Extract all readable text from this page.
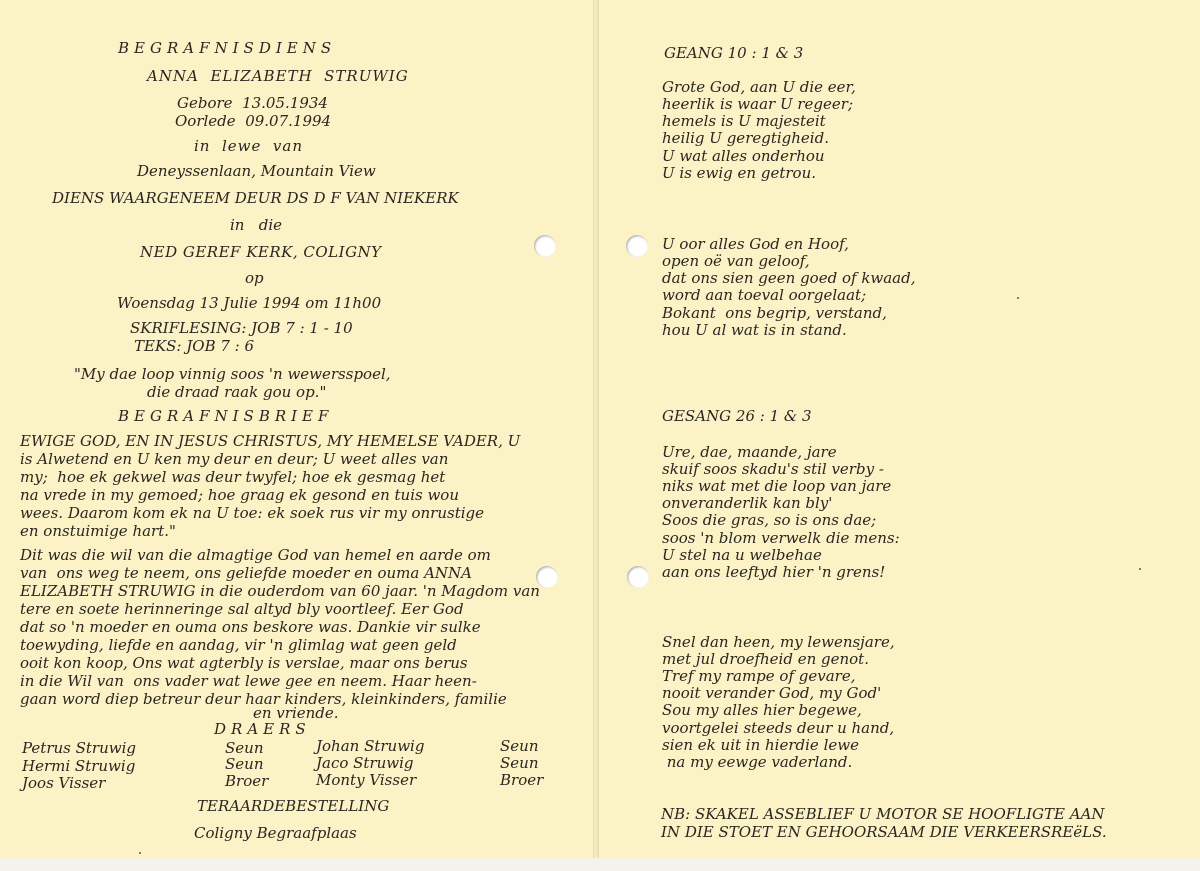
BEGRAFNISDIENS
ANNA  ELIZABETH  STRUWIG
Gebore  13.05.1934
Oorlede  09.07.1994
in  lewe  van
Deneyssenlaan, Mountain View
DIENS WAARGENEEM DEUR DS D F VAN NIEKERK
in   die
NED GEREF KERK, COLIGNY
op
Woensdag 13 Julie 1994 om 11h00
SKRIFLESING: JOB 7 : 1 - 10
TEKS: JOB 7 : 6
"My dae loop vinnig soos 'n wewersspoel,
die draad raak gou op."
BEGRAFNISBRIEF
EWIGE GOD, EN IN JESUS CHRISTUS, MY HEMELSE VADER, U
is Alwetend en U ken my deur en deur; U weet alles van
my;  hoe ek gekwel was deur twyfel; hoe ek gesmag het
na vrede in my gemoed; hoe graag ek gesond en tuis wou
wees. Daarom kom ek na U toe: ek soek rus vir my onrustige
en onstuimige hart."
Dit was die wil van die almagtige God van hemel en aarde om
van  ons weg te neem, ons geliefde moeder en ouma ANNA
ELIZABETH STRUWIG in die ouderdom van 60 jaar. 'n Magdom van
tere en soete herinneringe sal altyd bly voortleef. Eer God
dat so 'n moeder en ouma ons beskore was. Dankie vir sulke
toewyding, liefde en aandag, vir 'n glimlag wat geen geld
ooit kon koop, Ons wat agterbly is verslae, maar ons berus
in die Wil van  ons vader wat lewe gee en neem. Haar heen-
gaan word diep betreur deur haar kinders, kleinkinders, familie
en vriende.
DRAERS
Petrus Struwig	Seun	Johan Struwig	Seun
Hermi Struwig	Seun	Jaco Struwig	Seun
Joos Visser	Broer	Monty Visser	Broer
TERAARDEBESTELLING
Coligny Begraafplaas
GEANG 10 : 1 & 3
Grote God, aan U die eer,
heerlik is waar U regeer;
hemels is U majesteit
heilig U geregtigheid.
U wat alles onderhou
U is ewig en getrou.
U oor alles God en Hoof,
open oë van geloof,
dat ons sien geen goed of kwaad,
word aan toeval oorgelaat;
Bokant  ons begrip, verstand,
hou U al wat is in stand.
GESANG 26 : 1 & 3
Ure, dae, maande, jare
skuif soos skadu's stil verby -
niks wat met die loop van jare
onveranderlik kan bly'
Soos die gras, so is ons dae;
soos 'n blom verwelk die mens:
U stel na u welbehae
aan ons leeftyd hier 'n grens!
Snel dan heen, my lewensjare,
met jul droefheid en genot.
Tref my rampe of gevare,
nooit verander God, my God'
Sou my alles hier begewe,
voortgelei steeds deur u hand,
sien ek uit in hierdie lewe
na my eewge vaderland.
NB: SKAKEL ASSEBLIEF U MOTOR SE HOOFLIGTE AAN
IN DIE STOET EN GEHOORSAAM DIE VERKEERSREëLS.
